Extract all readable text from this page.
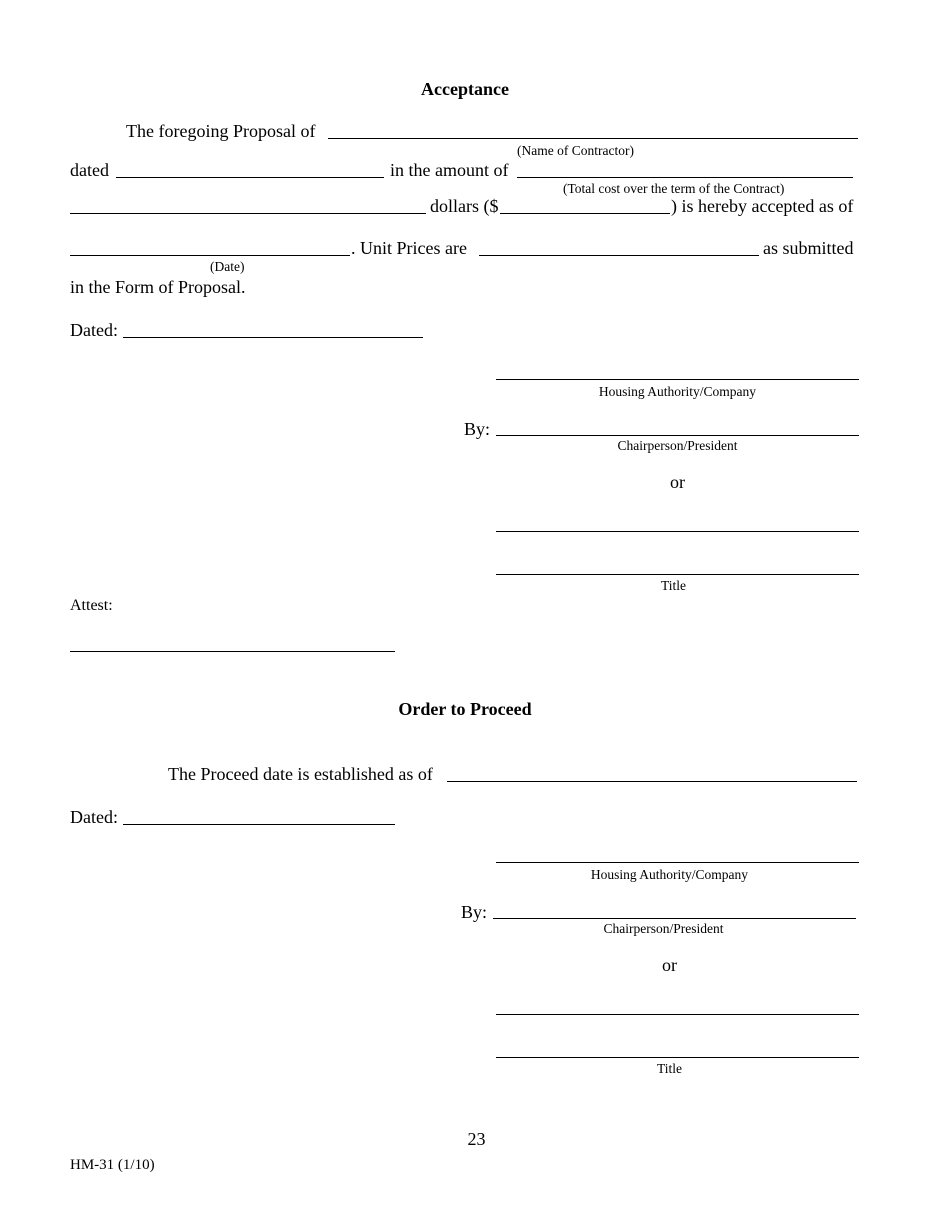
Acceptance
The foregoing Proposal of
(Name of Contractor)
dated	in the amount of
(Total cost over the term of the Contract)
dollars ($	) is hereby accepted as of
. Unit Prices are	as submitted
(Date)
in the Form of Proposal.
Dated:
Housing Authority/Company
By:
Chairperson/President
or
Title
Attest:
Order to Proceed
The Proceed date is established as of
Dated:
Housing Authority/Company
By:
Chairperson/President
or
Title
23
HM-31 (1/10)
